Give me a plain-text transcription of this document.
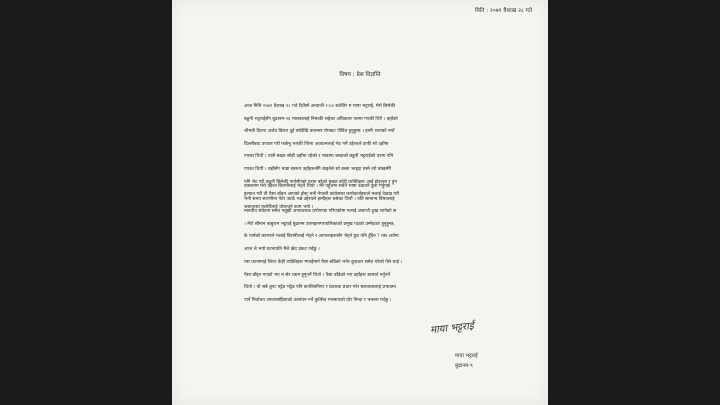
मिति : २०७९ वैशाख २८ गते
विषय : प्रेस विज्ञप्ति

आज मिति २०७९ वैशाख २८ गते दिउँसो अन्दाजी २:०० बजेतिर म माया भट्टराई, मेरो छिमेकी

बढुनी भट्टराईसँग बुढानम-९६ मालबालाई निमाकी सहेका अघिकतर फरमा गएकी थिएँ । बहाँको

श्रीमती दिल्या अर्जत बिरात दुई वर्षदेखि क्यान्सर रोगबाट पीडित हुनुहुन्छ । हामी भाराको नयाँ

दिल्लीबाट उपचार गरी फर्कनु भएकी त्यिना अवयत्नलाई भेट गर्ने उद्देश्यले टाफी सो उहाँमा

गएका थियौं । त्यसै बखत सोही उहाँमा रहेको र भाडामा बस्दाको बढुनी भट्टराईको घरमा पनि

गएका थियौं । वहाँसँग भाडा स्वरूप उहाँहरूसँगै बाड्नेले सो बस्ता भाड्दा वस्ने त्यो बाखसँगै

पनि भेट गरी बढुनी छिमेकी पार्नसँगको घरमा बरेको बखत कोरी व्यक्तिहरू आई होहल्ला र हुन

हुल्यात गरी ती पैसा बाँडन आएको होस् भनी नेपाली कांग्रेसका कार्यकर्ताहरूले मलाई देखाइ गरी

जबरजस्त फ्लोरीलाई थोलाउने काम भयो ।

वास्तवमा मेरो उद्देश्य बिरामीलाई भेट्ने थियो । मेरै पहुँचमा सर्वत्रै भाषा उठाउने कुरा गर्नुपर्छ

भनी समय सारणीमा नेटेर जाऊँ भन्ने उद्देश्यले हामीहरू बसेका थियौं । यति सामान्य विषयलाई

मानवीय संवेदना समेत नबुझी अनावश्यक प्रपोगण्डा गरिएकोमा मलाई असाध्यै दुःख लागेको छ

। मेरो श्रीमान बाबुराम भट्टराई बुढानम उपमहानगरपालिकाको प्रमुख पदको उम्मेदवार हुनुहुन्छ,

के पार्नको कारणले मलाई बिरामीलाई भेट्ने र आफन्तहरूसँग भेट्ने छुट पनि हुँदैन ? यस अर्थमा

आज ले भयो घटनाप्रति मैले खेद प्रकट गर्दछु ।

यस घटनामाई लिएर केही व्यक्तिहरू मपाईमाने पैसा बाँडेको भनेर कुप्रचार समेत गरेको पैसे थाई ।

पैसा बाँड्न गएको भए म सेर रकम हुनुपर्ने थियो । पैसा बाँडेको भए उहाँहरू डरमार्त गर्नुपर्ने

थियो । यो सबै कुरा भट्टेड भट्टेड पनि कर्पोरेसनिएर र प्रचारक प्रचार गरेर बलवालालाई प्रभावमा

पार्ने निर्वाचन आचारसंहिताको उल्लंघन गर्ने कुत्सित मनसायको घोर निन्दा र भत्सना गर्दछु ।

माया भट्टराई
माया भट्टराई
बुढानम-९
